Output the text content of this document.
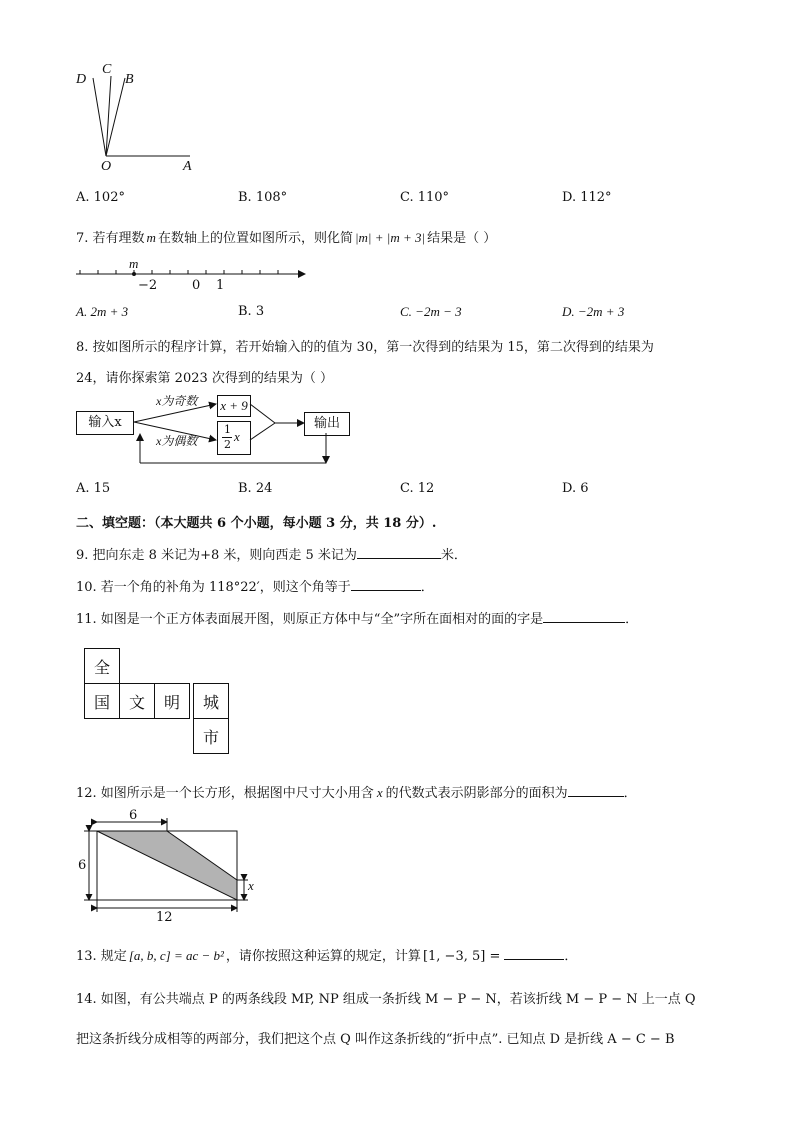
D
C
B
O	A
A. 102°	B. 108°	C. 110°	D. 112°
7. 若有理数 m 在数轴上的位置如图所示，则化简 |m| + |m + 3| 结果是（ ）
m
−2	0 1
A. 2m + 3	B. 3	C. −2m − 3	D. −2m + 3
8. 按如图所示的程序计算，若开始输入的的值为 30，第一次得到的结果为 15，第二次得到的结果为
24，请你探索第 2023 次得到的结果为（ ）
输入x
x为奇数
x为偶数
x + 9
1
2
x
输出
A. 15	B. 24	C. 12	D. 6
二、填空题：（本大题共 6 个小题，每小题 3 分，共 18 分）.
9. 把向东走 8 米记为+8 米，则向西走 5 米记为	米．
10. 若一个角的补角为 118°22′，则这个角等于	．
11. 如图是一个正方体表面展开图，则原正方体中与“全”字所在面相对的面的字是	．
全
国	文	明	城
市
12. 如图所示是一个长方形，根据图中尺寸大小用含 x 的代数式表示阴影部分的面积为	．
6
6
x
12
13. 规定 [a, b, c] = ac − b² ，请你按照这种运算的规定，计算 [1, −3, 5] =	．
14. 如图，有公共端点 P 的两条线段 MP, NP 组成一条折线 M − P − N，若该折线 M − P − N 上一点 Q
把这条折线分成相等的两部分，我们把这个点 Q 叫作这条折线的“折中点”. 已知点 D 是折线 A − C − B
